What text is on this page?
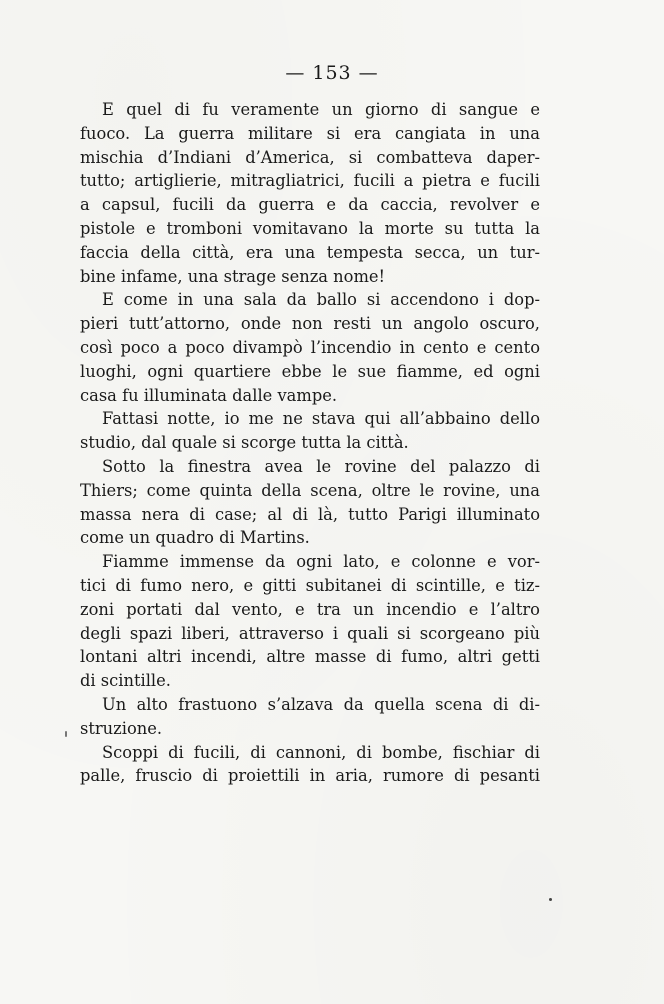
— 153 —
E quel di fu veramente un giorno di sangue e
fuoco. La guerra militare si era cangiata in una
mischia d’Indiani d’America, si combatteva daper-
tutto; artiglierie, mitragliatrici, fucili a pietra e fucili
a capsul, fucili da guerra e da caccia, revolver e
pistole e tromboni vomitavano la morte su tutta la
faccia della città, era una tempesta secca, un tur-
bine infame, una strage senza nome!
E come in una sala da ballo si accendono i dop-
pieri tutt’attorno, onde non resti un angolo oscuro,
così poco a poco divampò l’incendio in cento e cento
luoghi, ogni quartiere ebbe le sue fiamme, ed ogni
casa fu illuminata dalle vampe.
Fattasi notte, io me ne stava qui all’abbaino dello
studio, dal quale si scorge tutta la città.
Sotto la finestra avea le rovine del palazzo di
Thiers; come quinta della scena, oltre le rovine, una
massa nera di case; al di là, tutto Parigi illuminato
come un quadro di Martins.
Fiamme immense da ogni lato, e colonne e vor-
tici di fumo nero, e gitti subitanei di scintille, e tiz-
zoni portati dal vento, e tra un incendio e l’altro
degli spazi liberi, attraverso i quali si scorgeano più
lontani altri incendi, altre masse di fumo, altri getti
di scintille.
Un alto frastuono s’alzava da quella scena di di-
struzione.
Scoppi di fucili, di cannoni, di bombe, fischiar di
palle, fruscio di proiettili in aria, rumore di pesanti
